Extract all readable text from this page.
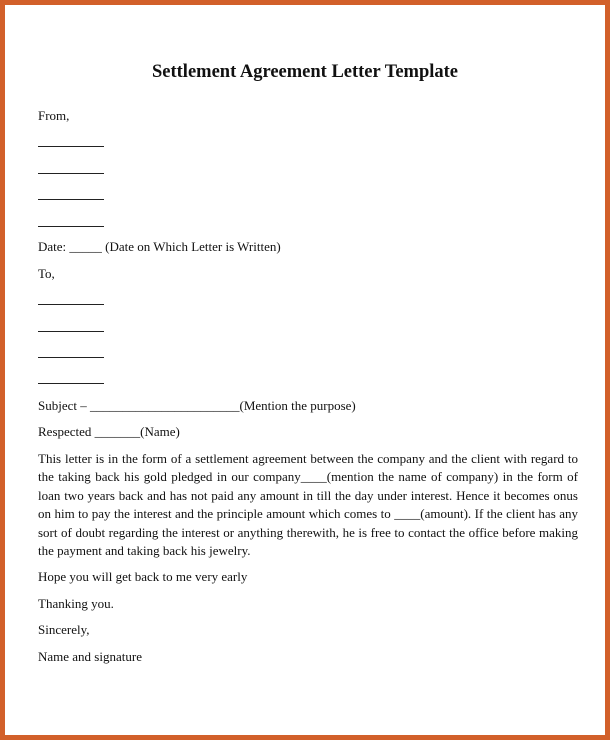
Settlement Agreement Letter Template
From,
Date: _____ (Date on Which Letter is Written)
To,
Subject – _______________________(Mention the purpose)
Respected _______(Name)
This letter is in the form of a settlement agreement between the company and the client with regard to the taking back his gold pledged in our company____(mention the name of company) in the form of loan two years back and has not paid any amount in till the day under interest. Hence it becomes onus on him to pay the interest and the principle amount which comes to ____(amount). If the client has any sort of doubt regarding the interest or anything therewith, he is free to contact the office before making the payment and taking back his jewelry.
Hope you will get back to me very early
Thanking you.
Sincerely,
Name and signature
